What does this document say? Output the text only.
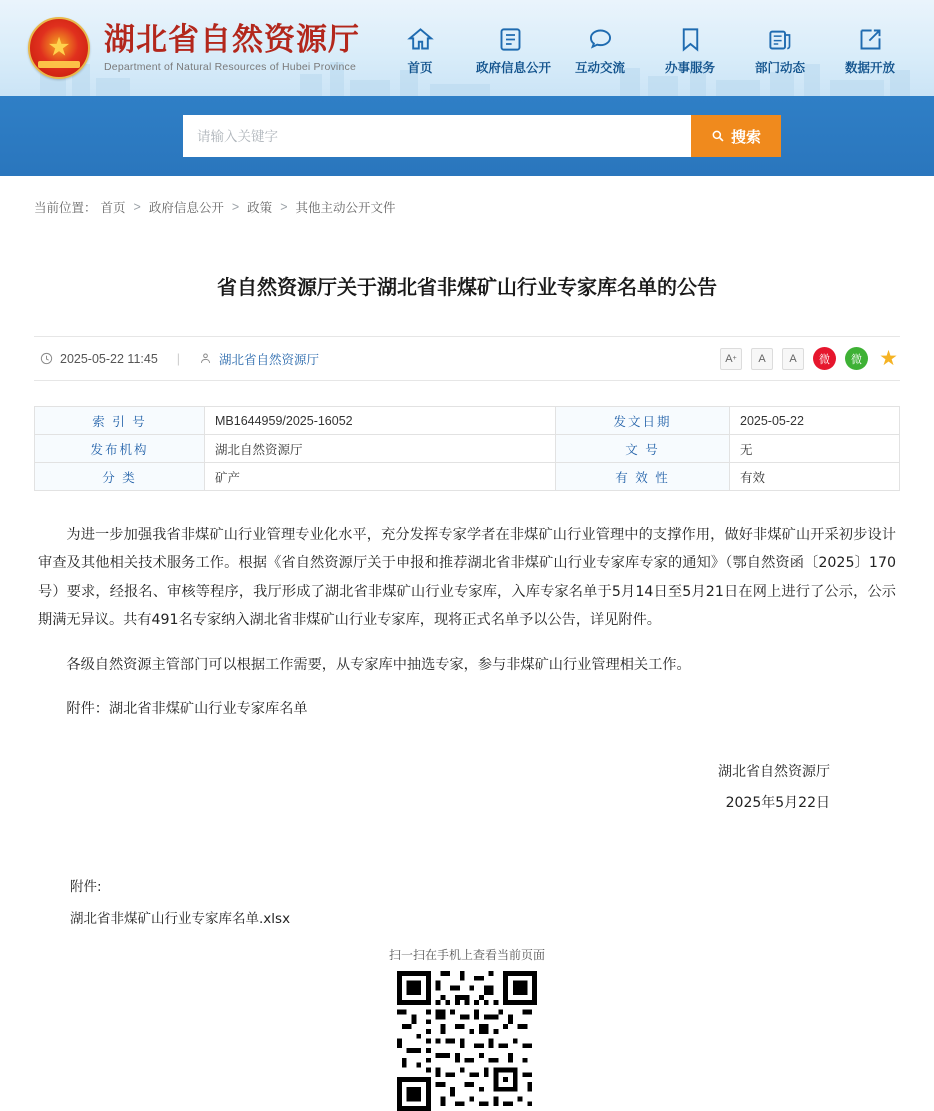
★
湖北省自然资源厅
Department of Natural Resources of Hubei Province	首页	政府信息公开	互动交流	办事服务	部门动态	数据开放
请输入关键字
搜索
当前位置： 首页 > 政府信息公开 > 政策 > 其他主动公开文件
省自然资源厅关于湖北省非煤矿山行业专家库名单的公告
2025-05-22 11:45 |	湖北省自然资源厅	A + A A 微 微 ★
索 引 号	MB1644959/2025-16052	发文日期	2025-05-22
发布机构	湖北自然资源厅	文 号	无
分 类	矿产	有 效 性	有效

为进一步加强我省非煤矿山行业管理专业化水平，充分发挥专家学者在非煤矿山行业管理中的支撑作用，做好非煤矿山开采初步设计审查及其他相关技术服务工作。根据《省自然资源厅关于申报和推荐湖北省非煤矿山行业专家库专家的通知》（鄂自然资函〔2025〕170号）要求，经报名、审核等程序，我厅形成了湖北省非煤矿山行业专家库，入库专家名单于5月14日至5月21日在网上进行了公示，公示期满无异议。共有491名专家纳入湖北省非煤矿山行业专家库，现将正式名单予以公告，详见附件。

各级自然资源主管部门可以根据工作需要，从专家库中抽选专家，参与非煤矿山行业管理相关工作。

附件：湖北省非煤矿山行业专家库名单

湖北省自然资源厅
2025年5月22日
附件:
湖北省非煤矿山行业专家库名单.xlsx
扫一扫在手机上查看当前页面
